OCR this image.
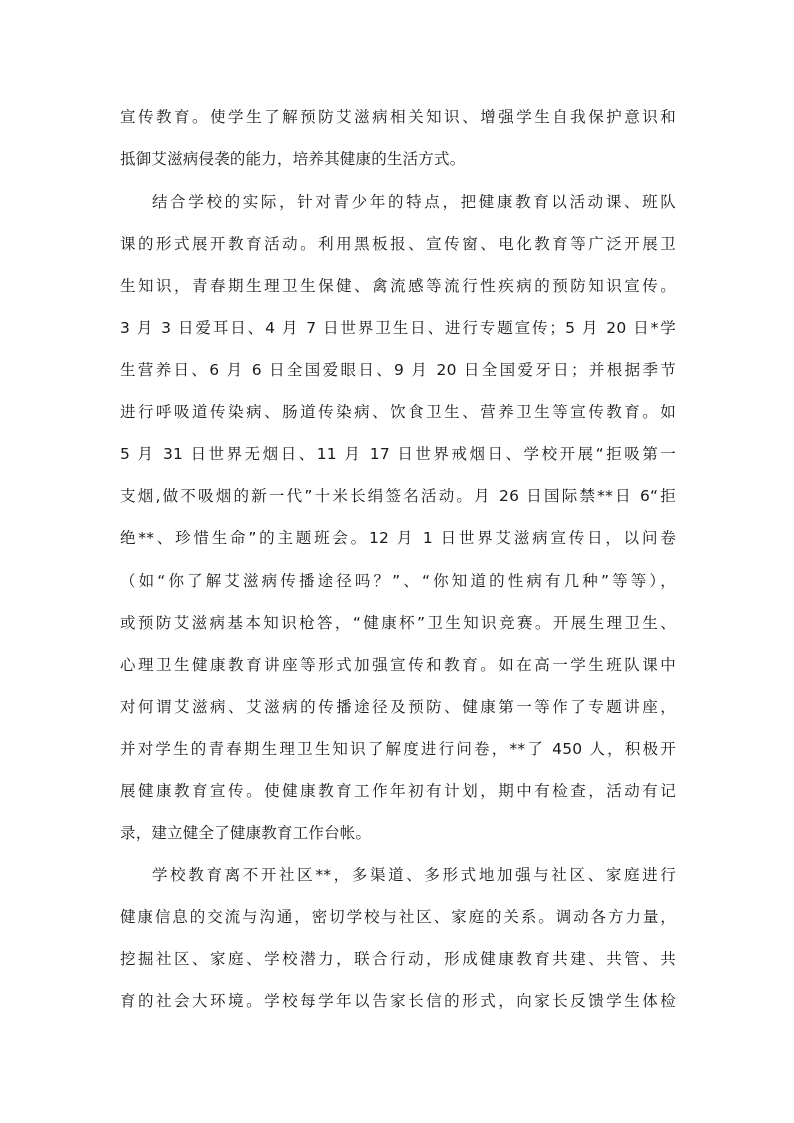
宣传教育。使学生了解预防艾滋病相关知识、增强学生自我保护意识和
抵御艾滋病侵袭的能力，培养其健康的生活方式。
结合学校的实际，针对青少年的特点，把健康教育以活动课、班队
课的形式展开教育活动。利用黑板报、宣传窗、电化教育等广泛开展卫
生知识，青春期生理卫生保健、禽流感等流行性疾病的预防知识宣传。
3 月 3 日爱耳日、4 月 7 日世界卫生日、进行专题宣传；5 月 20 日*学
生营养日、6 月 6 日全国爱眼日、9 月 20 日全国爱牙日；并根据季节
进行呼吸道传染病、肠道传染病、饮食卫生、营养卫生等宣传教育。如
5 月 31 日世界无烟日、11 月 17 日世界戒烟日、学校开展“拒吸第一
支烟,做不吸烟的新一代”十米长绢签名活动。月 26 日国际禁**日 6“拒
绝**、珍惜生命”的主题班会。12 月 1 日世界艾滋病宣传日，以问卷
（如“你了解艾滋病传播途径吗？”、“你知道的性病有几种”等等），
或预防艾滋病基本知识枪答，“健康杯”卫生知识竞赛。开展生理卫生、
心理卫生健康教育讲座等形式加强宣传和教育。如在高一学生班队课中
对何谓艾滋病、艾滋病的传播途径及预防、健康第一等作了专题讲座，
并对学生的青春期生理卫生知识了解度进行问卷，**了 450 人，积极开
展健康教育宣传。使健康教育工作年初有计划，期中有检查，活动有记
录，建立健全了健康教育工作台帐。
学校教育离不开社区**，多渠道、多形式地加强与社区、家庭进行
健康信息的交流与沟通，密切学校与社区、家庭的关系。调动各方力量，
挖掘社区、家庭、学校潜力，联合行动，形成健康教育共建、共管、共
育的社会大环境。学校每学年以告家长信的形式，向家长反馈学生体检
